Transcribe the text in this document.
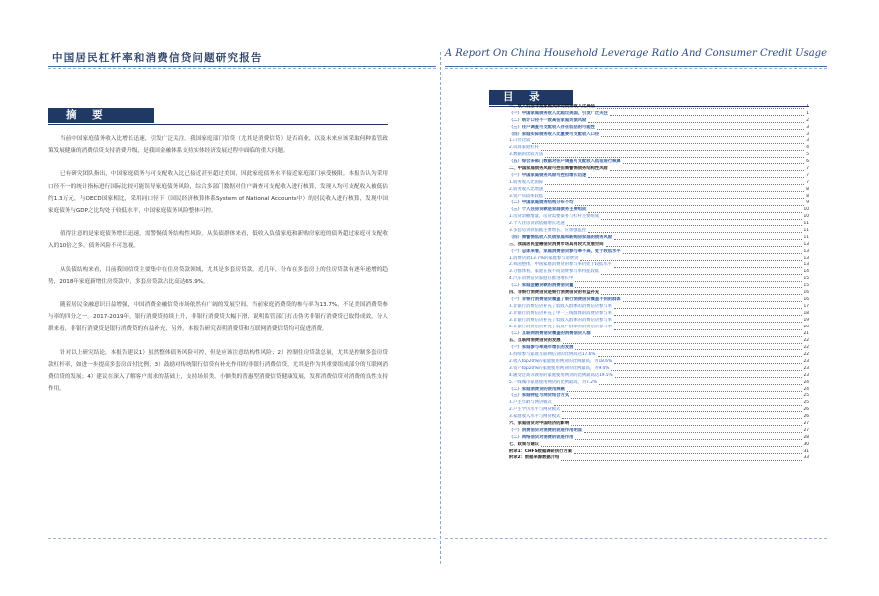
中国居民杠杆率和消费信贷问题研究报告
摘 要

当前中国家庭债务收入比增长迅速，引发广泛关注。我国家庭部门信贷（尤其是消费信贷）是否商业，以及未来应该采取何种监管政策发展健康的消费信贷支持消费升级，是我国金融体系支持实体经济发展过程中面临的重大问题。

已有研究团队指出，中国家庭债务与可支配收入比已接近甚至超过美国，因此家庭债务水平接近家庭部门承受极限。本报告认为采用口径不一的统计指标进行国际比较可能误导家庭债务风险，综合多部门数据对住户调查可支配收入进行核算，发现人均可支配收入被低估约1.3万元。与OECD国家相比，采用同口径下（国民经济核算体系System of National Accounts中）的居民收入进行核算，发现中国家庭债务与GDP之比均处于较低水平，中国家庭债务风险整体可控。

值得注意的是家庭债务增长迅速，需警惕债务结构性风险。从负债群体来看，低收入负债家庭和新购房家庭的债务超过家庭可支配收入的10倍之多，债务风险不可忽视。

从负债结构来看，目前我国信贷主要集中在住房贷款领域，尤其是多套房贷款。近几年，分布在多套房上的住房贷款有逐年递增的趋势，2018年家庭新增住房贷款中，多套房贷款占比高达65.9%。

随着居民金融意识日益增强，中国消费金融信贷市场依然有广阔的发展空间。当前家庭消费贷的参与率为13.7%，不足美国消费贷参与率的四分之一。2017-2019年，银行消费贷持续上升，非银行消费贷大幅下滑，说明监管部门打击伪劣非银行消费贷已取得成效。分人群来看，非银行消费贷是银行消费贷的有益补充，另外，本报告研究表明消费贷和互联网消费信贷均可促进消费。

针对以上研究结论，本报告建议1）虽然整体债务风险可控，但是应该注意结构性风险；2）控制住房贷款总量，尤其是控制多套房贷款杠杆率，如进一步提高多套房首付比例；3）鼓励对传统银行信贷有补充作用的非银行消费信贷，尤其是作为其重要组成部分的互联网消费信贷的发展；4）建议在深入了解客户需求的基础上，支持场景类、小额类的普惠型消费信贷健康发展，发挥消费信贷对消费的良性支持作用。

A Report On China Household Leverage Ratio And Consumer Credit Usage
目 录
一、收入低估导致家庭实际的债务收入比高估	1
（一）中国家庭债务收入比超过美国，引发广泛关注	1
（二）统计口径不一致高估家庭负债风险	2
（三）住户调查可支配收入存在低估的可能性	3
（四）家庭实际债务收入比重要可支配收入口径	3
1.口径比较	3
2.试算家庭杠杆	4
3.数据的比较方法	5
（五）综合多部门数据对住户调查可支配收入低估进行核算	6
二、中国家庭债务风险可控但需警惕债务结构性风险	7
（一）中国家庭债务风险可控但增长迅速	7
1.债务收入比国际	7
2.债务收入比增速	8
3.资产负债率较低	8
（二）中国家庭债务结构分布不均	9
（三）个人住房贷款是家庭债务主要组成	10
1.房贷余额增量，房贷需要债务与杠杆主要组成	10
2.个人住房贷款依据增长迅速	11
3.多套房贷款依据主要增长，应加强监控	11
（四）需警惕低收入负债家庭和新购房家庭的债务风险	11
三、我国居民金融信贷消费市场具有较大发展空间	13
（一）总体来看，家庭消费信贷参与率不高，处于较低水平	13
1.消费贷款13.7%的家庭参与消费贷	13
2.我国整体，中国家庭消费贷的参与率仍处于较低水平	13
3.分群体看，家庭在按不同消费参与率特征较低	14
4.汽车消费信贷家庭在推进增长中	15
（二）家庭金融贷款的消费信贷量	15
四、非银行消费信贷是银行消费信贷的有益补充	16
（一）非银行消费信贷覆盖了银行消费信贷覆盖不到的群体	16
1.非银行消费信贷补充了低收入群体的消费信贷参与率	17
2.非银行消费信贷补充了中一三线群体的消费贷参与率	18
3.非银行消费信贷补充了低收入群体的消费信贷参与率	19
4.非银行消费信贷补充了低资产群体的消费信贷参与率	20
（二）互联网消费信贷覆盖的消费信贷人群	21
五、互联网消费信贷的发展	22
（一）家庭参与率逐年增长的发展	22
1.持续参与家庭互联网信贷的比例高达17.6%	22
2.收入top20%的家庭使用网贷的比例最高，为18.6%	23
3.资产top20%的家庭使用网贷的比例最高，为9.4%	23
4.随受过高等教育的家庭使用网贷的比例最高达19.5%	23
5.一线城市家庭使用网贷的比例最高，为7.2%	24
（二）家庭消费贷的使用规模	24
（三）家庭特征与网贷结合方式	25
1.户主年龄与网贷模式	25
2.户主学历水平与网贷模式	26
3.家庭收入水平与网贷模式	26
六、家庭信贷对中国经济的影响	27
（一）消费信贷对消费的促进作用明显	27
（二）网络信贷对消费的促进作用	28
七、政策与建议	30
附录1：CHFS数据调研执行方案	31
附录2：数据来源数据介绍	33
